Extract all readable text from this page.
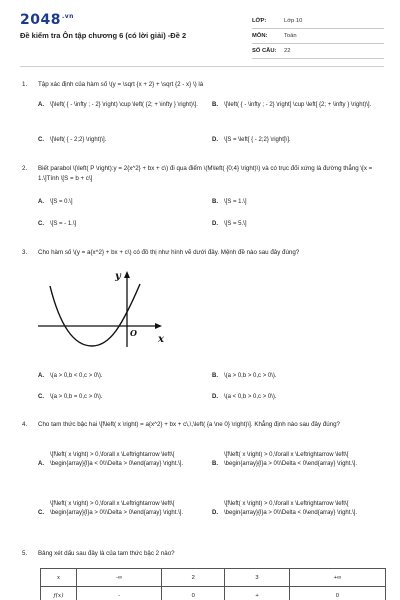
$2048^{.vn}$
Đề kiểm tra Ôn tập chương 6 (có lời giải) -Đề 2
LỚP:	Lớp 10
MÔN:	Toán
SỐ CÂU:	22
1.	Tập xác định của hàm số \(y = \sqrt {x + 2} + \sqrt {2 - x} \) là
A.	\[\left( { - \infty ; - 2} \right) \cup \left( {2; + \infty } \right)\]. B.	\[\left( { - \infty ; - 2} \right] \cup \left[ {2; + \infty } \right)\].
C.	\[\left( { - 2;2} \right)\].	D.	\[S = \left[ { - 2;2} \right]\].
2.	Biết parabol \(\left( P \right):y = 2{x^2} + bx + c\) đi qua điểm \(M\left( {0;4} \right)\) và có trục đối xứng là đường thẳng \[x = 1.\]Tính \[S = b + c\]
A.	\[S = 0.\]	B.	\[S = 1.\]
C.	\[S = - 1.\]	D.	\[S = 5.\]
3.	Cho hàm số \(y = a{x^2} + bx + c\) có đồ thị như hình vẽ dưới đây. Mệnh đề nào sau đây đúng?
y
x
O
A.	\(a > 0,b < 0,c > 0\).	B.	\(a > 0,b > 0,c > 0\).
C.	\(a > 0,b = 0,c > 0\).	D.	\(a < 0,b > 0,c > 0\).
4.	Cho tam thức bậc hai \[f\left( x \right) = a{x^2} + bx + c\,\,\left( {a \ne 0} \right)\]. Khẳng định nào sau đây đúng?
A.
\[f\left( x \right) > 0,\forall x \Leftrightarrow \left\{ \begin{array}{l}a < 0\\\Delta > 0\end{array} \right.\].	B.
\[f\left( x \right) > 0,\forall x \Leftrightarrow \left\{ \begin{array}{l}a > 0\\\Delta < 0\end{array} \right.\].
C.
\[f\left( x \right) > 0,\forall x \Leftrightarrow \left\{ \begin{array}{l}a > 0\\\Delta > 0\end{array} \right.\].	D.
\[f\left( x \right) > 0,\forall x \Leftrightarrow \left\{ \begin{array}{l}a > 0\\\Delta < 0\end{array} \right.\].
5.	Bảng xét dấu sau đây là của tam thức bậc 2 nào?
x	-∞	2	3	+∞
f(x)	-	0	+	0
